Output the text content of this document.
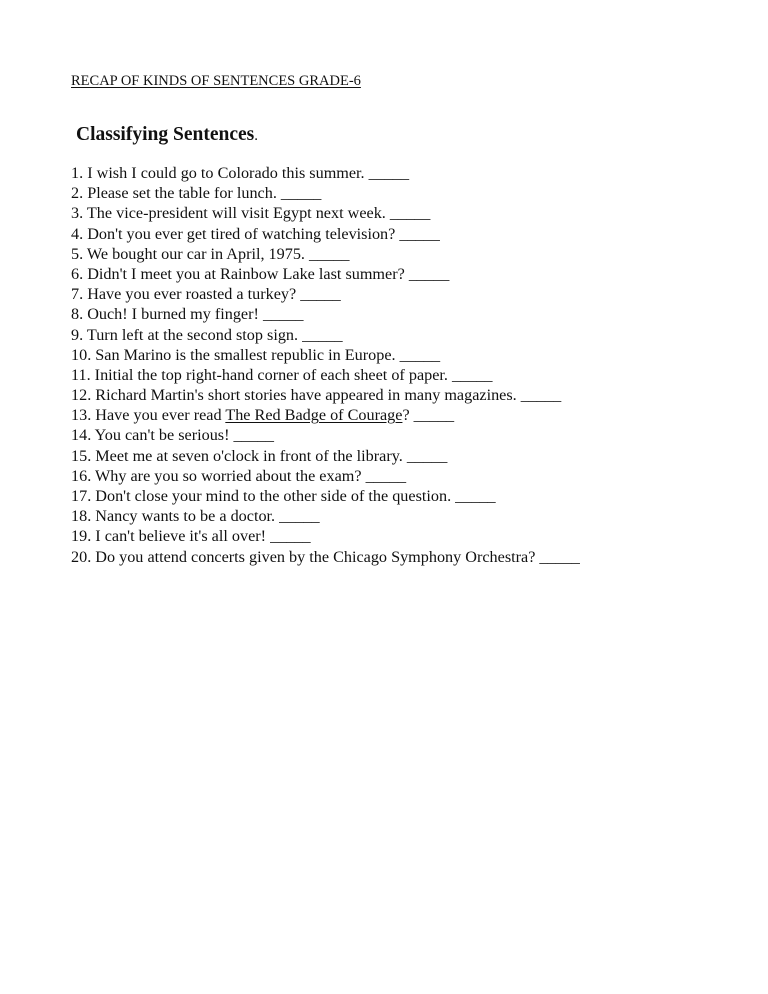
RECAP OF KINDS OF SENTENCES GRADE-6
Classifying Sentences.
1. I wish I could go to Colorado this summer. _____
2. Please set the table for lunch. _____
3. The vice-president will visit Egypt next week. _____
4. Don't you ever get tired of watching television? _____
5. We bought our car in April, 1975. _____
6. Didn't I meet you at Rainbow Lake last summer? _____
7. Have you ever roasted a turkey? _____
8. Ouch! I burned my finger! _____
9. Turn left at the second stop sign. _____
10. San Marino is the smallest republic in Europe. _____
11. Initial the top right-hand corner of each sheet of paper. _____
12. Richard Martin's short stories have appeared in many magazines. _____
13. Have you ever read The Red Badge of Courage? _____
14. You can't be serious! _____
15. Meet me at seven o'clock in front of the library. _____
16. Why are you so worried about the exam? _____
17. Don't close your mind to the other side of the question. _____
18. Nancy wants to be a doctor. _____
19. I can't believe it's all over! _____
20. Do you attend concerts given by the Chicago Symphony Orchestra? _____
